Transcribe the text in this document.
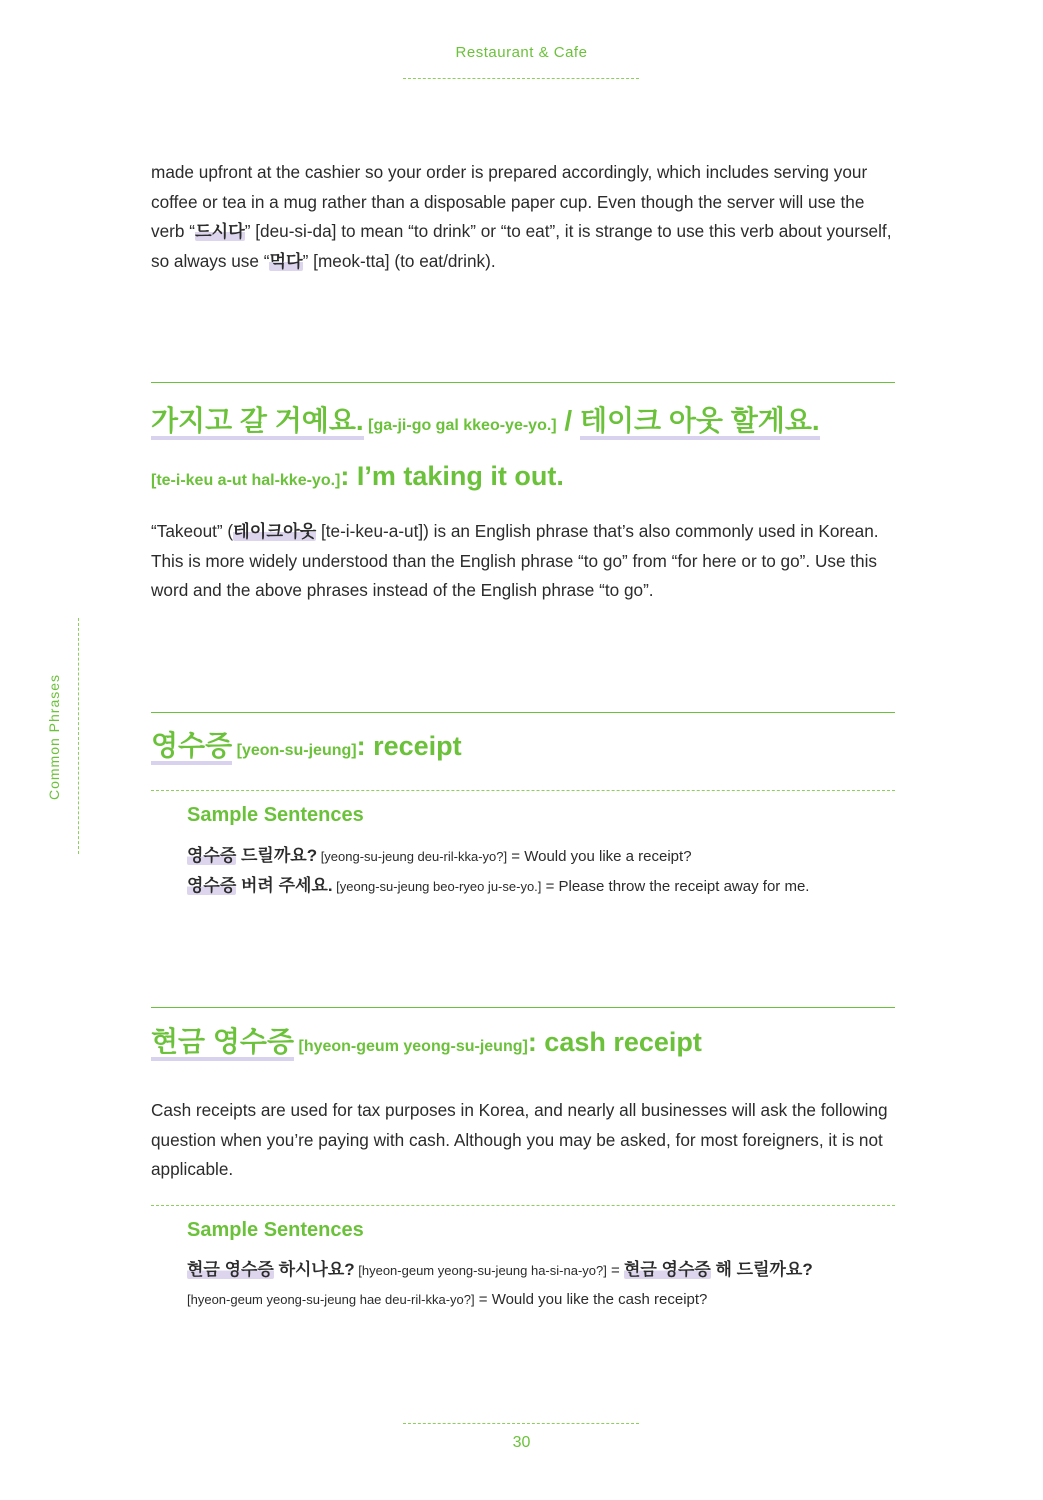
Restaurant & Cafe
Common Phrases
made upfront at the cashier so your order is prepared accordingly, which includes serving your coffee or tea in a mug rather than a disposable paper cup. Even though the server will use the verb “드시다” [deu-si-da] to mean “to drink” or “to eat”, it is strange to use this verb about yourself, so always use “먹다” [meok-tta] (to eat/drink).
가지고 갈 거예요. [ga-ji-go gal kkeo-ye-yo.] / 테이크 아웃 할게요.
[te-i-keu a-ut hal-kke-yo.]: I’m taking it out.
“Takeout” (테이크아웃 [te-i-keu-a-ut]) is an English phrase that’s also commonly used in Korean. This is more widely understood than the English phrase “to go” from “for here or to go”. Use this word and the above phrases instead of the English phrase “to go”.
영수증 [yeon-su-jeung]: receipt
Sample Sentences
영수증 드릴까요? [yeong-su-jeung deu-ril-kka-yo?] = Would you like a receipt?
영수증 버려 주세요. [yeong-su-jeung beo-ryeo ju-se-yo.] = Please throw the receipt away for me.
현금 영수증 [hyeon-geum yeong-su-jeung]: cash receipt
Cash receipts are used for tax purposes in Korea, and nearly all businesses will ask the following question when you’re paying with cash. Although you may be asked, for most foreigners, it is not applicable.
Sample Sentences
현금 영수증 하시나요? [hyeon-geum yeong-su-jeung ha-si-na-yo?] = 현금 영수증 해 드릴까요?
[hyeon-geum yeong-su-jeung hae deu-ril-kka-yo?] = Would you like the cash receipt?
30
